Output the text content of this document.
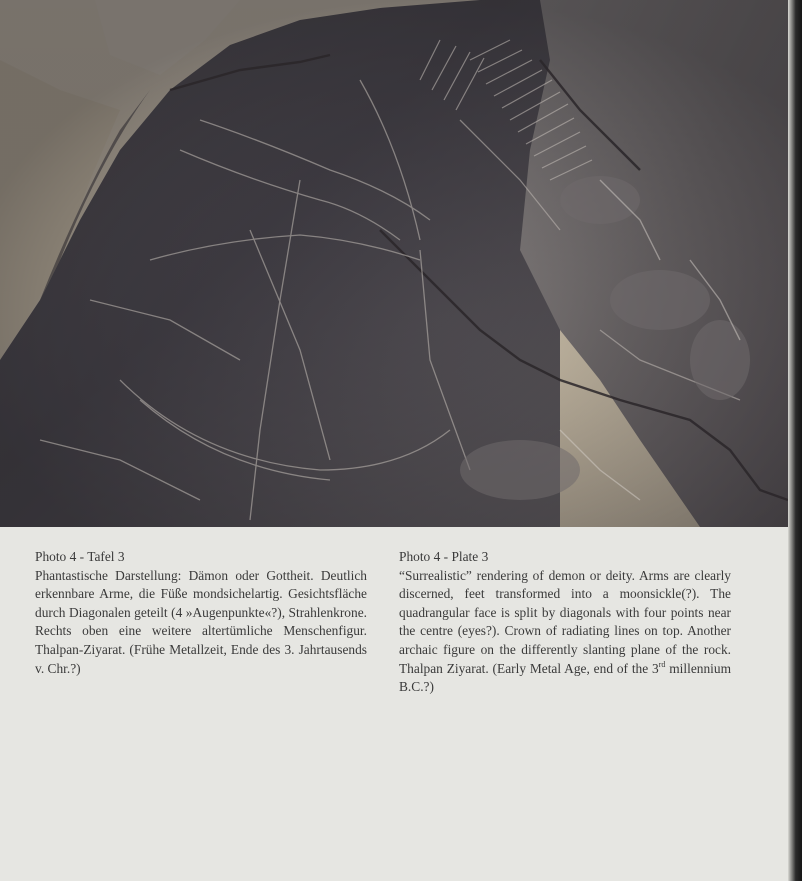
Photo 4 - Tafel 3
Phantastische Darstellung: Dämon oder Gottheit. Deutlich erkennbare Arme, die Füße mondsichelartig. Gesichtsfläche durch Diagonalen geteilt (4 »Augenpunkte«?), Strahlenkrone. Rechts oben eine weitere altertümliche Menschenfigur. Thalpan-Ziyarat. (Frühe Metallzeit, Ende des 3. Jahrtausends v. Chr.?)
Photo 4 - Plate 3
“Surrealistic” rendering of demon or deity. Arms are clearly discerned, feet transformed into a moonsickle(?). The quadrangular face is split by diagonals with four points near the centre (eyes?). Crown of radiating lines on top. Another archaic figure on the differently slanting plane of the rock. Thalpan Ziyarat. (Early Metal Age, end of the 3rd millennium B.C.?)
